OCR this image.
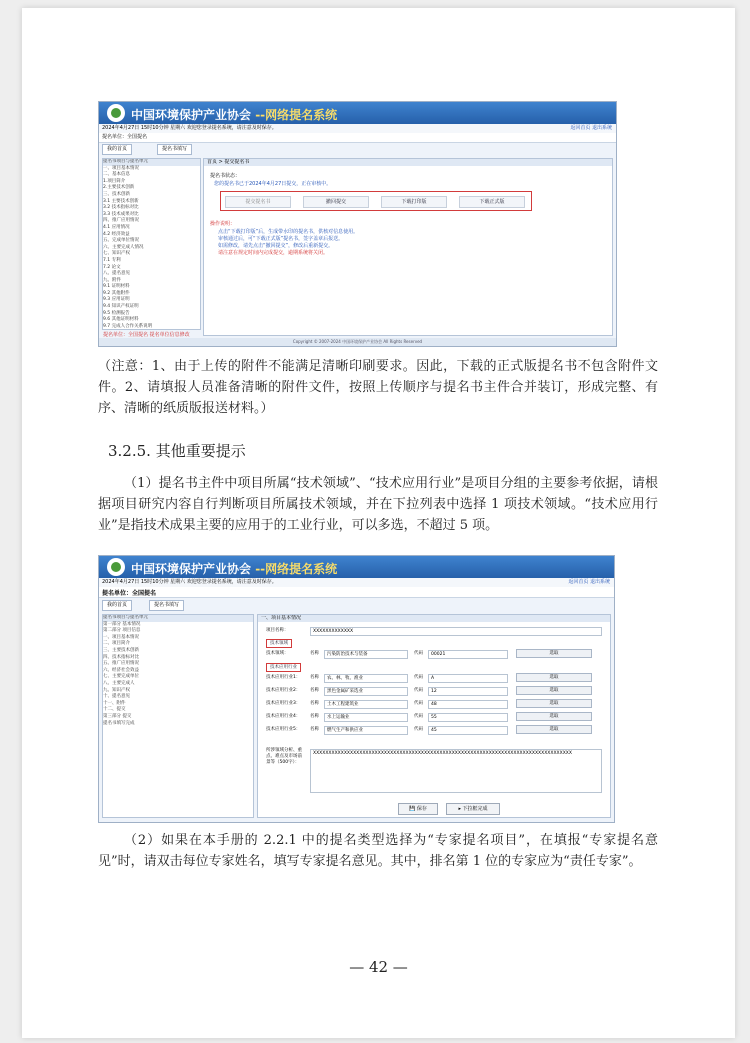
中国环境保护产业协会 --网络提名系统
2024年4月27日 15时10分钟 星期六 欢迎您登录提名系统，请注意及时保存。	返回首页 退出系统
提名单位：全国提名
我的首页	提名书填写
提名书项目与提名单元
一、项目基本情况
二、基本信息
1.项目简介
2.主要技术创新
三、技术创新
3.1 主要技术创新
3.2 技术指标对比
3.3 技术成果对比
四、推广应用情况
4.1 应用情况
4.2 经济效益
五、完成单位情况
六、主要完成人情况
七、知识产权
7.1 专利
7.2 论文
八、提名意见
九、附件
9.1 证明材料
9.2 其他附件
9.3 应用证明
9.4 知识产权证明
9.5 检测报告
9.6 其他证明材料
9.7 完成人合作关系说明
提名单位：全国提名 提名单位信息修改
首页 > 提交提名书
提名书状态：
您的提名书已于2024年4月27日提交，正在审核中。
提交提名书	撤回提交	下载打印版	下载正式版
操作说明：
点击“下载打印版”后，生成带水印的提名书，供核对信息使用。
审核通过后，可“下载正式版”提名书，签字盖章后报送。
如需修改，请先点击“撤回提交”，修改后重新提交。
请注意在规定时间内完成提交，逾期系统将关闭。
Copyright © 2007-2024 中国环境保护产业协会 All Rights Reserved
（注意：1、由于上传的附件不能满足清晰印刷要求。因此，下载的正式版提名书不包含附件文件。2、请填报人员准备清晰的附件文件，按照上传顺序与提名书主件合并装订，形成完整、有序、清晰的纸质版报送材料。）
3.2.5. 其他重要提示
（1）提名书主件中项目所属“技术领域”、“技术应用行业”是项目分组的主要参考依据，请根据项目研究内容自行判断项目所属技术领域，并在下拉列表中选择 1 项技术领域。“技术应用行业”是指技术成果主要的应用于的工业行业，可以多选，不超过 5 项。
中国环境保护产业协会 --网络提名系统
2024年4月27日 15时10分钟 星期六 欢迎您登录提名系统，请注意及时保存。	返回首页 退出系统
提名单位：全国提名
我的首页	提名书填写
提名书项目与提名单元
第一部分 基本情况
第二部分 项目信息
一、项目基本情况
二、项目简介
三、主要技术创新
四、技术指标对比
五、推广应用情况
六、经济社会效益
七、主要完成单位
八、主要完成人
九、知识产权
十、提名意见
十一、附件
十二、提交
第三部分 提交
提名书填写完成
一、项目基本情况
项目名称：	XXXXXXXXXXXXX
技术领域
技术领域：	名称	污染防治技术与装备	代码	00021	选取
技术应用行业
技术应用行业1： 名称	农、林、牧、渔业	代码	A	选取
技术应用行业2： 名称	黑色金属矿采选业	代码	12	选取
技术应用行业3： 名称	土木工程建筑业	代码	48	选取
技术应用行业4： 名称	水上运输业	代码	55	选取
技术应用行业5： 名称	燃气生产和供应业	代码	45	选取
所涉领域分析、重点、难点及市场前景等（500字）：
XXXXXXXXXXXXXXXXXXXXXXXXXXXXXXXXXXXXXXXXXXXXXXXXXXXXXXXXXXXXXXXXXXXXXXXXXXXXXXXXXXXX
💾 保存	▸ 下拉框完成
（2）如果在本手册的 2.2.1 中的提名类型选择为“专家提名项目”，在填报“专家提名意见”时，请双击每位专家姓名，填写专家提名意见。其中，排名第 1 位的专家应为“责任专家”。
— 42 —
